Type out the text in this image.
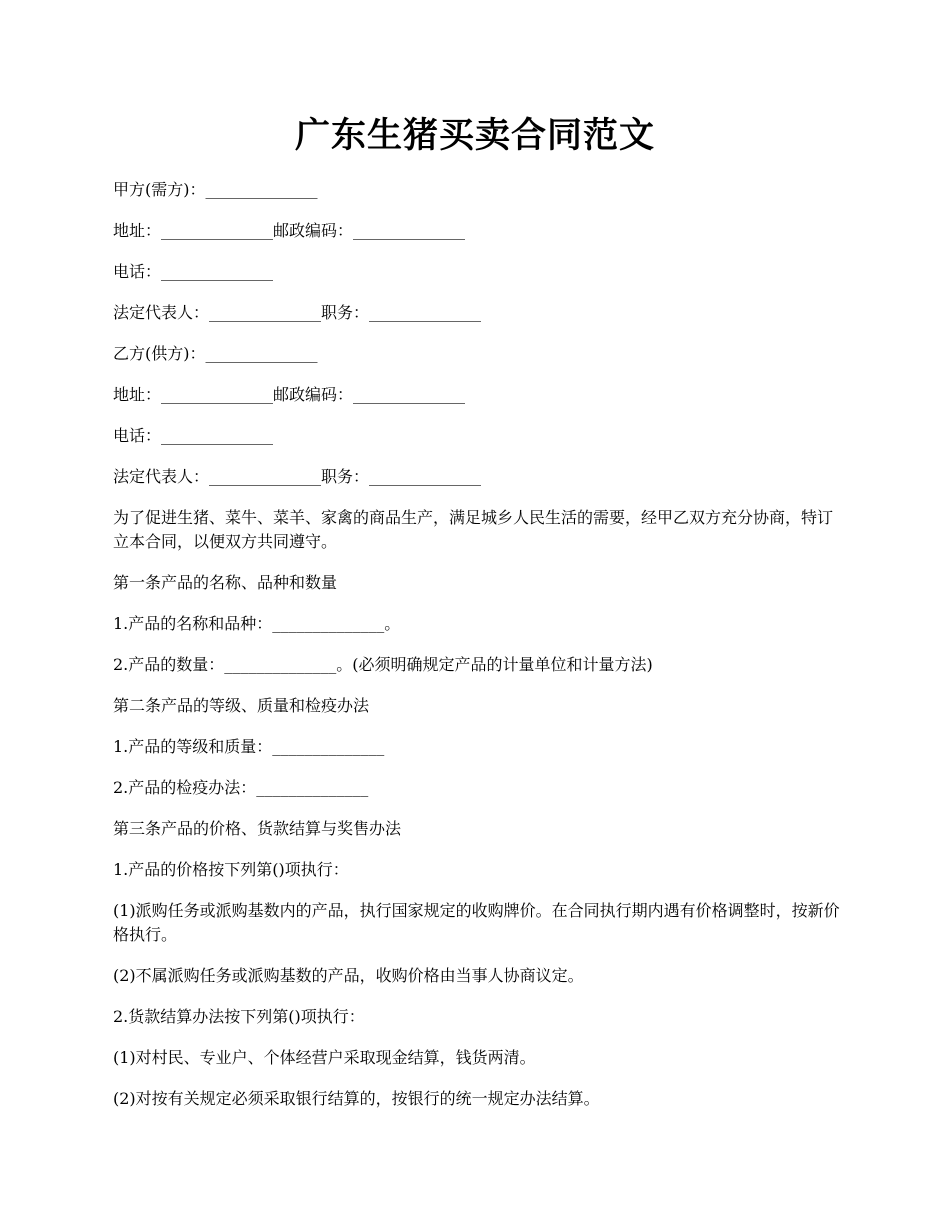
广东生猪买卖合同范文

甲方(需方)：______________

地址：______________邮政编码：______________

电话：______________

法定代表人：______________职务：______________

乙方(供方)：______________

地址：______________邮政编码：______________

电话：______________

法定代表人：______________职务：______________

为了促进生猪、菜牛、菜羊、家禽的商品生产，满足城乡人民生活的需要，经甲乙双方充分协商，特订立本合同，以便双方共同遵守。

第一条产品的名称、品种和数量

1.产品的名称和品种：______________。

2.产品的数量：______________。(必须明确规定产品的计量单位和计量方法)

第二条产品的等级、质量和检疫办法

1.产品的等级和质量：______________

2.产品的检疫办法：______________

第三条产品的价格、货款结算与奖售办法

1.产品的价格按下列第()项执行：

(1)派购任务或派购基数内的产品，执行国家规定的收购牌价。在合同执行期内遇有价格调整时，按新价格执行。

(2)不属派购任务或派购基数的产品，收购价格由当事人协商议定。

2.货款结算办法按下列第()项执行：

(1)对村民、专业户、个体经营户采取现金结算，钱货两清。

(2)对按有关规定必须采取银行结算的，按银行的统一规定办法结算。
